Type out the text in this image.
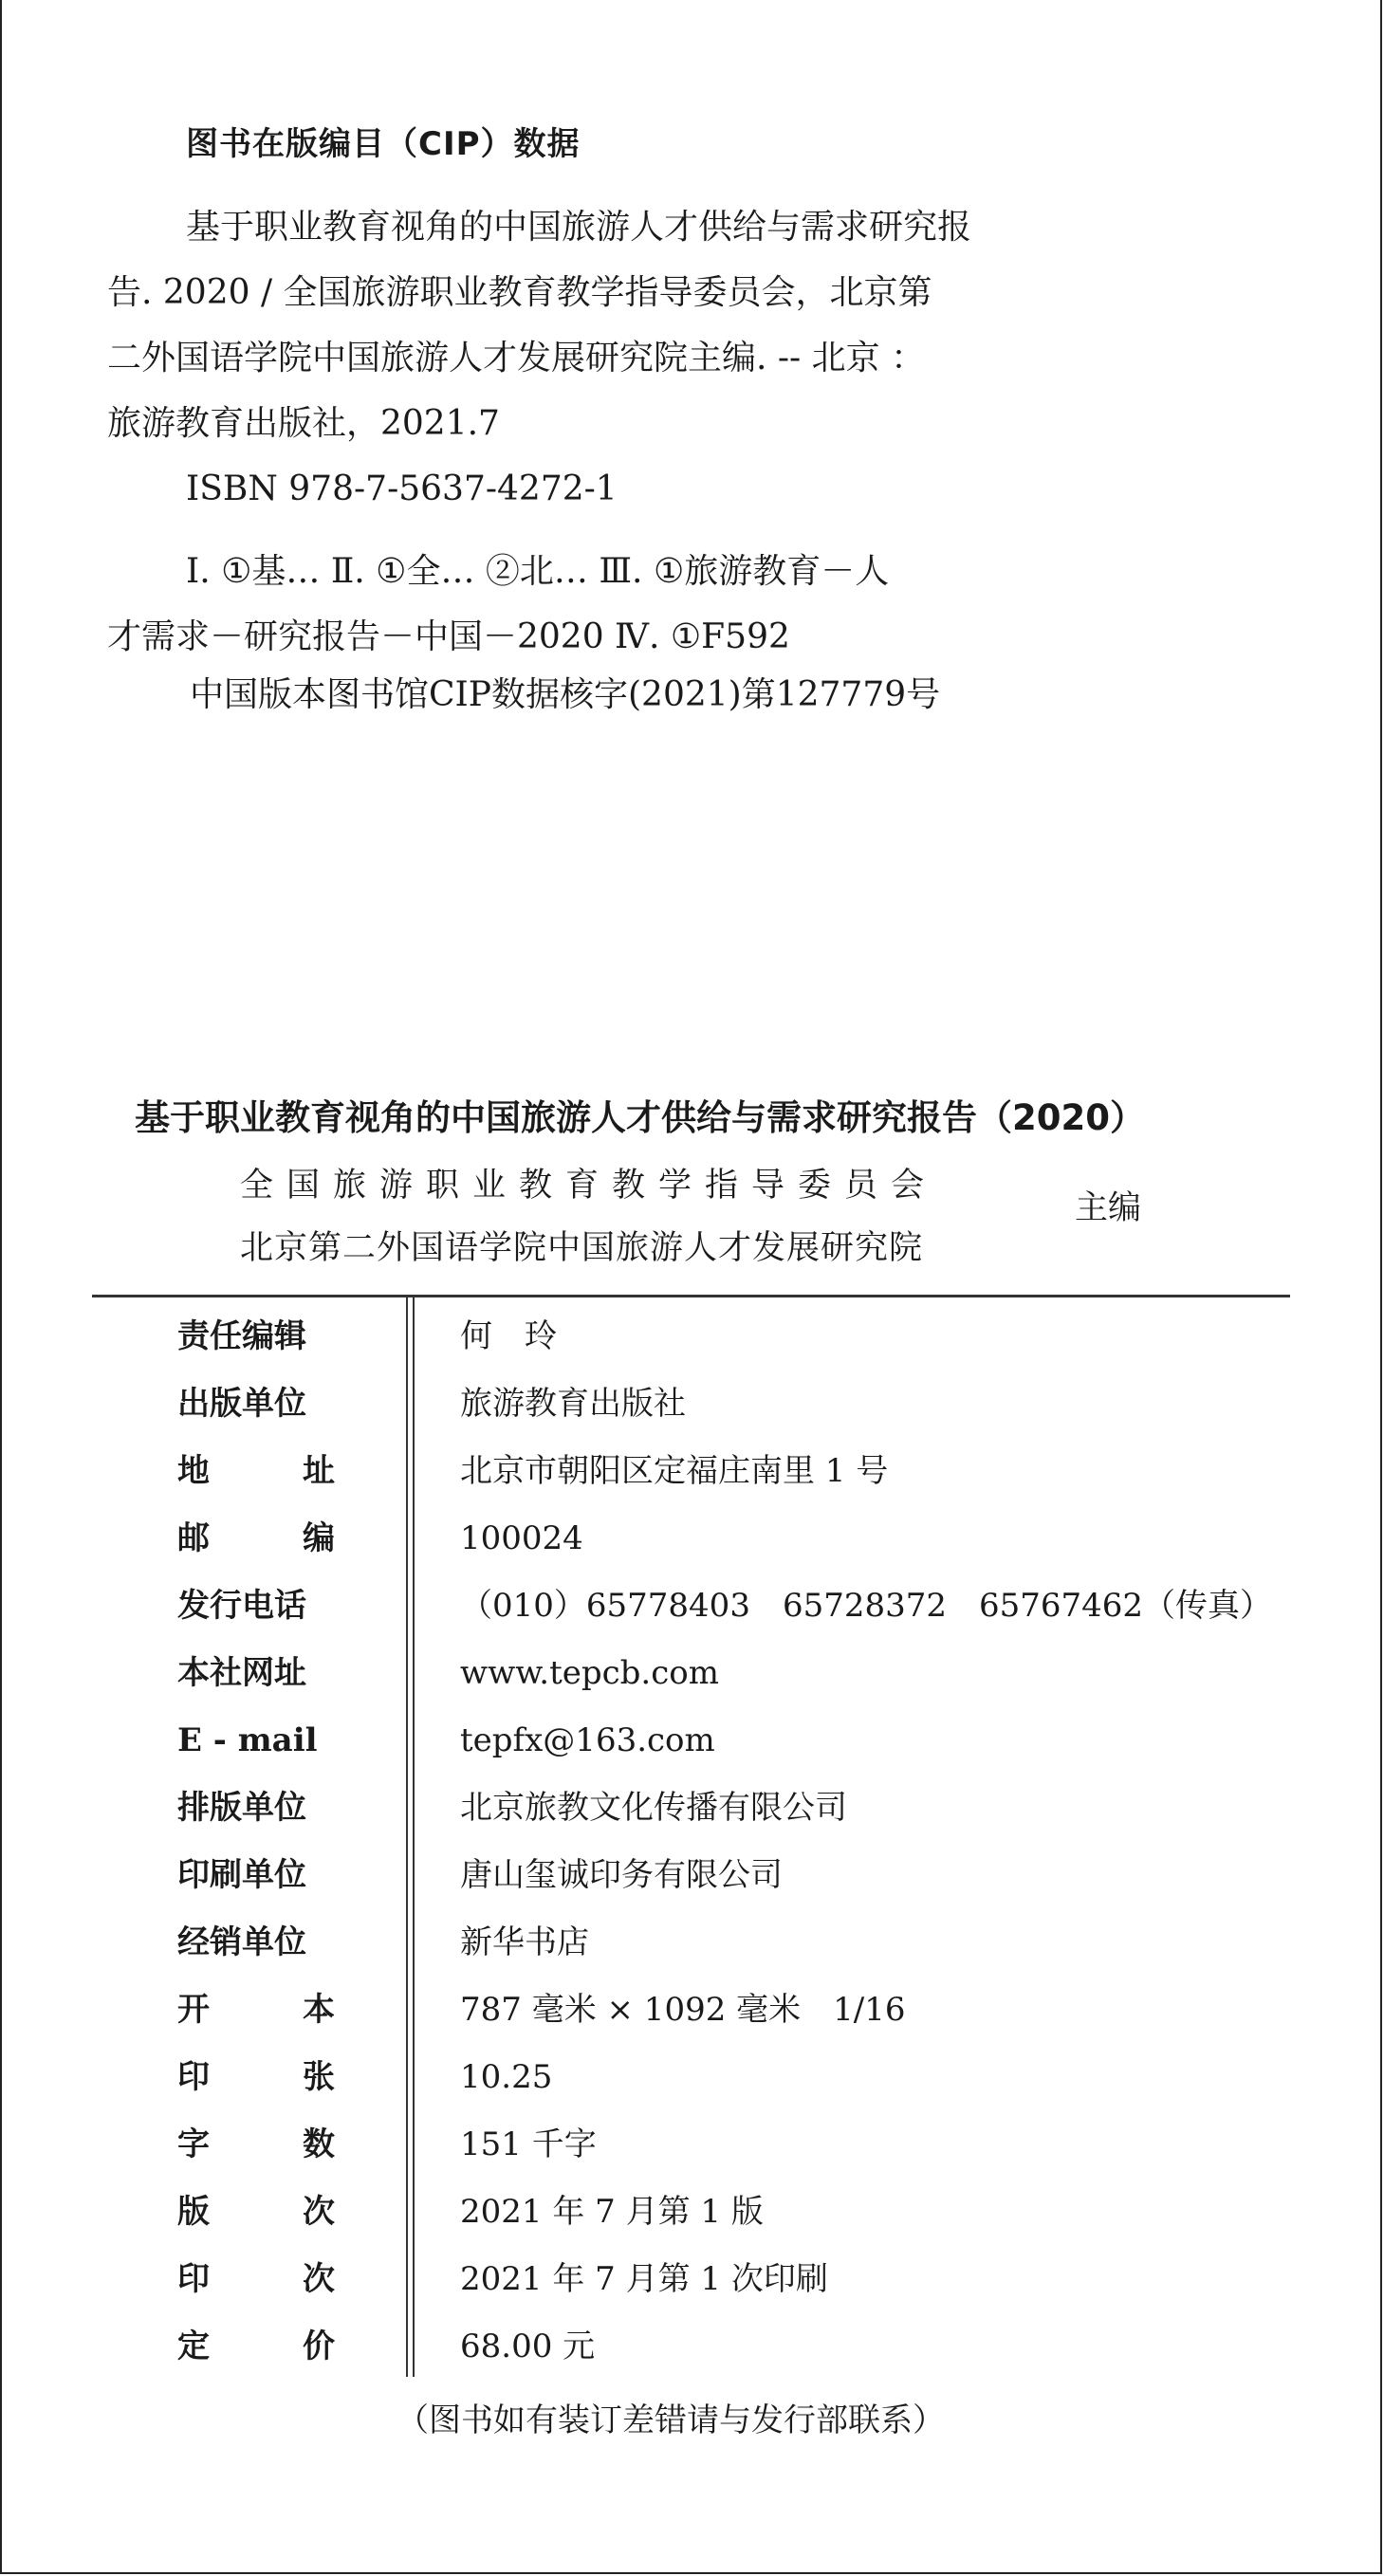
图书在版编目（CIP）数据
基于职业教育视角的中国旅游人才供给与需求研究报
告. 2020 / 全国旅游职业教育教学指导委员会，北京第
二外国语学院中国旅游人才发展研究院主编. -- 北京 ：
旅游教育出版社，2021.7
ISBN 978-7-5637-4272-1
Ⅰ. ①基… Ⅱ. ①全… ②北… Ⅲ. ①旅游教育－人
才需求－研究报告－中国－2020 Ⅳ. ①F592
中国版本图书馆CIP数据核字(2021)第127779号
基于职业教育视角的中国旅游人才供给与需求研究报告（2020）
全国旅游职业教育教学指导委员会
北京第二外国语学院中国旅游人才发展研究院
主编
责任编辑	何　玲
出版单位	旅游教育出版社
地	址	北京市朝阳区定福庄南里 1 号
邮	编	100024
发行电话	（010）65778403　65728372　65767462（传真）
本社网址	www.tepcb.com
E - mail	tepfx@163.com
排版单位	北京旅教文化传播有限公司
印刷单位	唐山玺诚印务有限公司
经销单位	新华书店
开	本	787 毫米 × 1092 毫米　1/16
印	张	10.25
字	数	151 千字
版	次	2021 年 7 月第 1 版
印	次	2021 年 7 月第 1 次印刷
定	价	68.00 元
（图书如有装订差错请与发行部联系）
